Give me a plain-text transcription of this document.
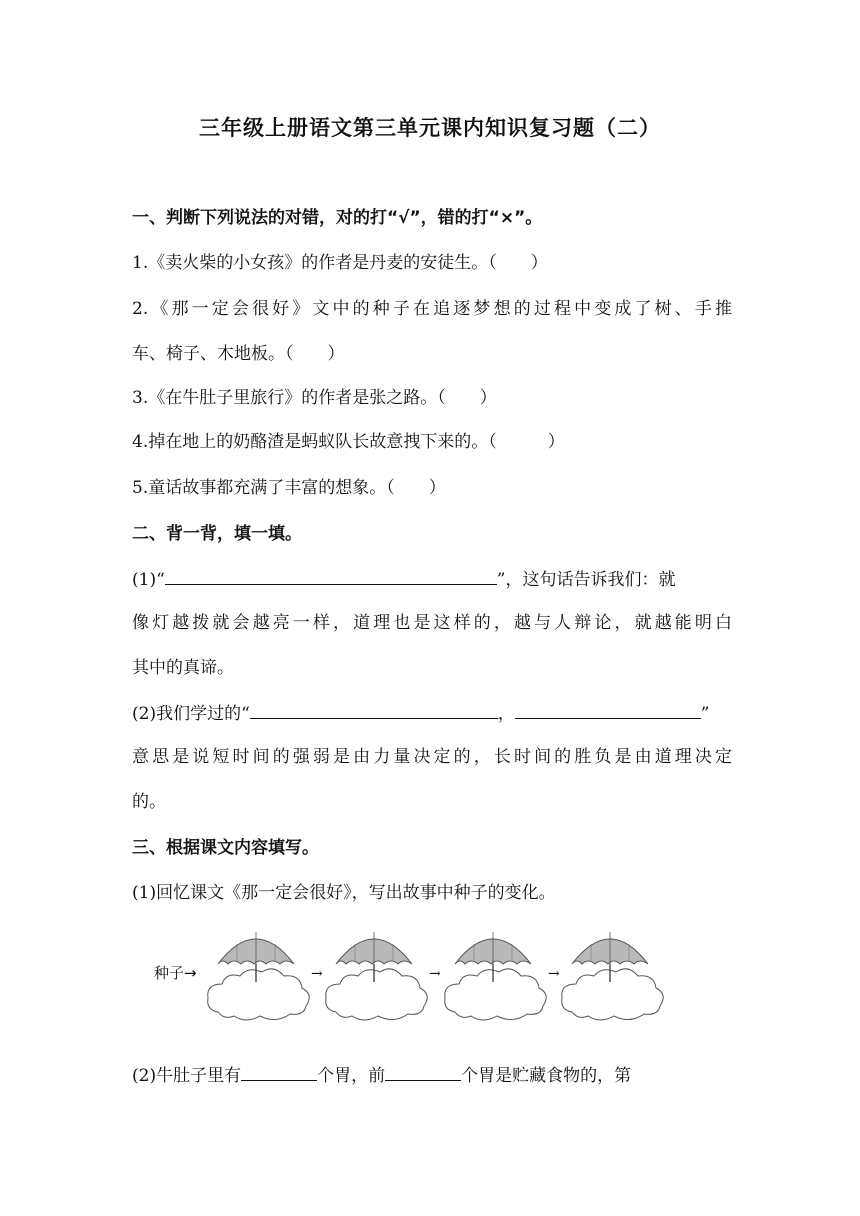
三年级上册语文第三单元课内知识复习题（二）
一、判断下列说法的对错，对的打“√”，错的打“×”。
1.《卖火柴的小女孩》的作者是丹麦的安徒生。（　　）
2.《那一定会很好》文中的种子在追逐梦想的过程中变成了树、手推
车、椅子、木地板。（　　）
3.《在牛肚子里旅行》的作者是张之路。（　　）
4.掉在地上的奶酪渣是蚂蚁队长故意拽下来的。（　　　）
5.童话故事都充满了丰富的想象。（　　）
二、背一背，填一填。
(1)“	”，这句话告诉我们：就
像灯越拨就会越亮一样，道理也是这样的，越与人辩论，就越能明白
其中的真谛。
(2)我们学过的“	，	”
意思是说短时间的强弱是由力量决定的，长时间的胜负是由道理决定
的。
三、根据课文内容填写。
(1)回忆课文《那一定会很好》，写出故事中种子的变化。
种子→	→	→	→
(2)牛肚子里有	个胃，前	个胃是贮藏食物的，第
